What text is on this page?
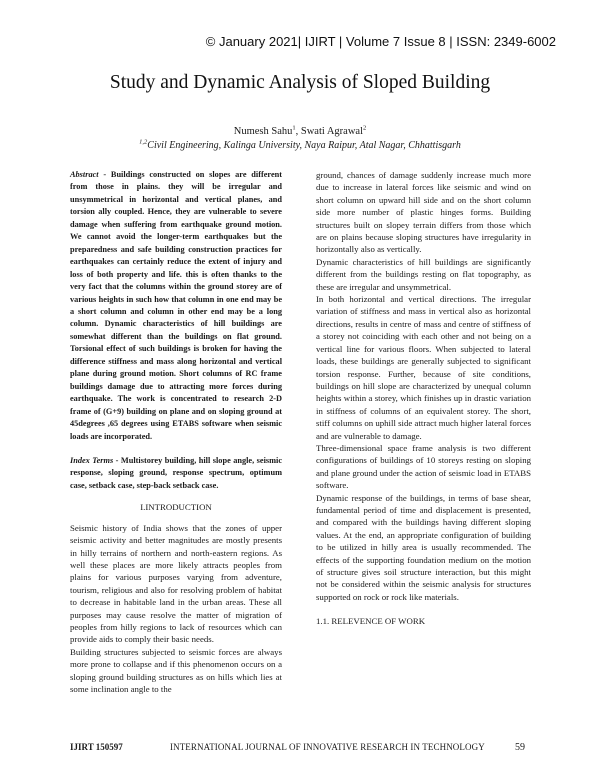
© January 2021| IJIRT | Volume 7 Issue 8 | ISSN: 2349-6002
Study and Dynamic Analysis of Sloped Building
Numesh Sahu$^1$, Swati Agrawal$^2$
$^{1,2}$Civil Engineering, Kalinga University, Naya Raipur, Atal Nagar, Chhattisgarh

Abstract - Buildings constructed on slopes are different from those in plains. they will be irregular and unsymmetrical in horizontal and vertical planes, and torsion ally coupled. Hence, they are vulnerable to severe damage when suffering from earthquake ground motion. We cannot avoid the longer-term earthquakes but the preparedness and safe building construction practices for earthquakes can certainly reduce the extent of injury and loss of both property and life. this is often thanks to the very fact that the columns within the ground storey are of various heights in such how that column in one end may be a short column and column in other end may be a long column. Dynamic characteristics of hill buildings are somewhat different than the buildings on flat ground. Torsional effect of such buildings is broken for having the difference stiffness and mass along horizontal and vertical plane during ground motion. Short columns of RC frame buildings damage due to attracting more forces during earthquake. The work is concentrated to research 2-D frame of (G+9) building on plane and on sloping ground at 45degrees ,65 degrees using ETABS software when seismic loads are incorporated.

Index Terms - Multistorey building, hill slope angle, seismic response, sloping ground, response spectrum, optimum case, setback case, step-back setback case.

I.INTRODUCTION

Seismic history of India shows that the zones of upper seismic activity and better magnitudes are mostly presents in hilly terrains of northern and north-eastern regions. As well these places are more likely attracts peoples from plains for various purposes varying from adventure, tourism, religious and also for resolving problem of habitat to decrease in habitable land in the urban areas. These all purposes may cause resolve the matter of migration of peoples from hilly regions to lack of resources which can provide aids to comply their basic needs.

Building structures subjected to seismic forces are always more prone to collapse and if this phenomenon occurs on a sloping ground building structures as on hills which lies at some inclination angle to the

ground, chances of damage suddenly increase much more due to increase in lateral forces like seismic and wind on short column on upward hill side and on the short column side more number of plastic hinges forms. Building structures built on slopey terrain differs from those which are on plains because sloping structures have irregularity in horizontally also as vertically.

Dynamic characteristics of hill buildings are significantly different from the buildings resting on flat topography, as these are irregular and unsymmetrical.

In both horizontal and vertical directions. The irregular variation of stiffness and mass in vertical also as horizontal directions, results in centre of mass and centre of stiffness of a storey not coinciding with each other and not being on a vertical line for various floors. When subjected to lateral loads, these buildings are generally subjected to significant torsion response. Further, because of site conditions, buildings on hill slope are characterized by unequal column heights within a storey, which finishes up in drastic variation in stiffness of columns of an equivalent storey. The short, stiff columns on uphill side attract much higher lateral forces and are vulnerable to damage.

Three-dimensional space frame analysis is two different configurations of buildings of 10 storeys resting on sloping and plane ground under the action of seismic load in ETABS software.

Dynamic response of the buildings, in terms of base shear, fundamental period of time and displacement is presented, and compared with the buildings having different sloping values. At the end, an appropriate configuration of building to be utilized in hilly area is usually recommended. The effects of the supporting foundation medium on the motion of structure gives soil structure interaction, but this might not be considered within the seismic analysis for structures supported on rock or rock like materials.

1.1. RELEVENCE OF WORK

IJIRT 150597	INTERNATIONAL JOURNAL OF INNOVATIVE RESEARCH IN TECHNOLOGY	59
